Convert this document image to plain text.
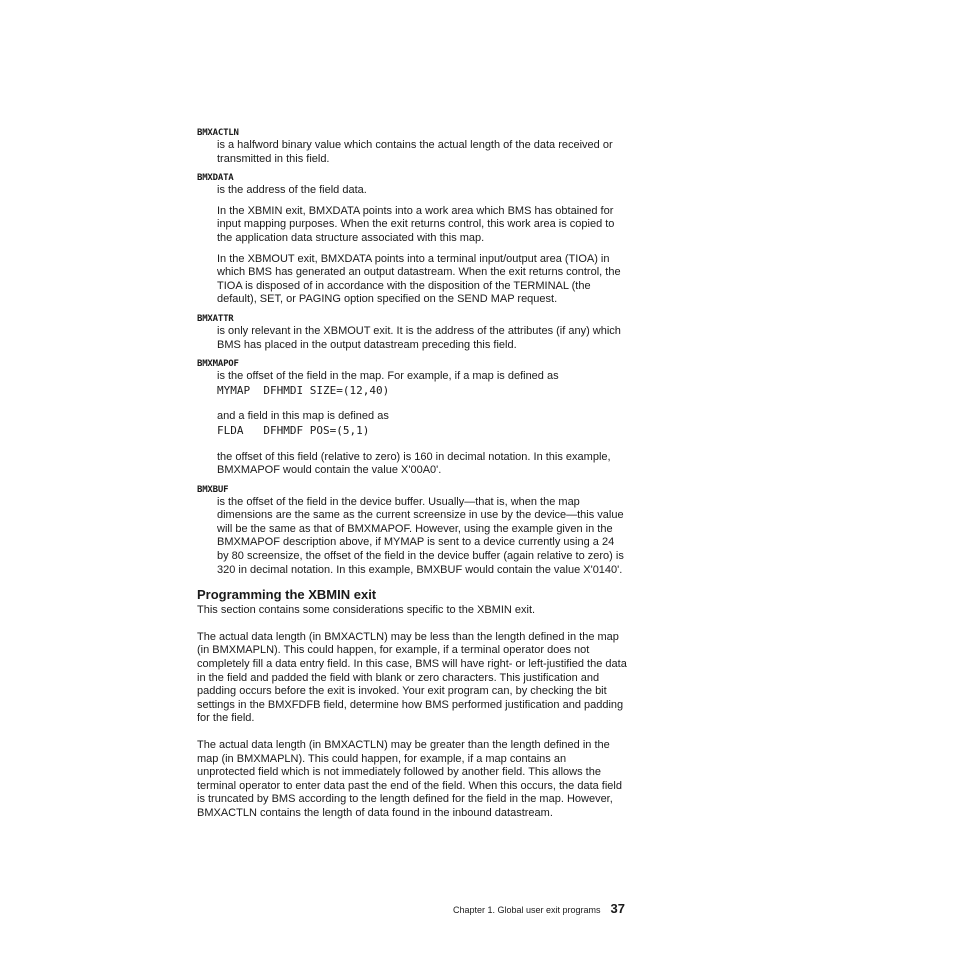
BMXACTLN

is a halfword binary value which contains the actual length of the data received or transmitted in this field.

BMXDATA

is the address of the field data.

In the XBMIN exit, BMXDATA points into a work area which BMS has obtained for input mapping purposes. When the exit returns control, this work area is copied to the application data structure associated with this map.

In the XBMOUT exit, BMXDATA points into a terminal input/output area (TIOA) in which BMS has generated an output datastream. When the exit returns control, the TIOA is disposed of in accordance with the disposition of the TERMINAL (the default), SET, or PAGING option specified on the SEND MAP request.

BMXATTR

is only relevant in the XBMOUT exit. It is the address of the attributes (if any) which BMS has placed in the output datastream preceding this field.

BMXMAPOF

is the offset of the field in the map. For example, if a map is defined as

MYMAP  DFHMDI SIZE=(12,40)

and a field in this map is defined as

FLDA   DFHMDF POS=(5,1)

the offset of this field (relative to zero) is 160 in decimal notation. In this example, BMXMAPOF would contain the value X'00A0'.

BMXBUF

is the offset of the field in the device buffer. Usually—that is, when the map dimensions are the same as the current screensize in use by the device—this value will be the same as that of BMXMAPOF. However, using the example given in the BMXMAPOF description above, if MYMAP is sent to a device currently using a 24 by 80 screensize, the offset of the field in the device buffer (again relative to zero) is 320 in decimal notation. In this example, BMXBUF would contain the value X'0140'.

Programming the XBMIN exit

This section contains some considerations specific to the XBMIN exit.

The actual data length (in BMXACTLN) may be less than the length defined in the map (in BMXMAPLN). This could happen, for example, if a terminal operator does not completely fill a data entry field. In this case, BMS will have right- or left-justified the data in the field and padded the field with blank or zero characters. This justification and padding occurs before the exit is invoked. Your exit program can, by checking the bit settings in the BMXFDFB field, determine how BMS performed justification and padding for the field.

The actual data length (in BMXACTLN) may be greater than the length defined in the map (in BMXMAPLN). This could happen, for example, if a map contains an unprotected field which is not immediately followed by another field. This allows the terminal operator to enter data past the end of the field. When this occurs, the data field is truncated by BMS according to the length defined for the field in the map. However, BMXACTLN contains the length of data found in the inbound datastream.

Chapter 1. Global user exit programs 37
